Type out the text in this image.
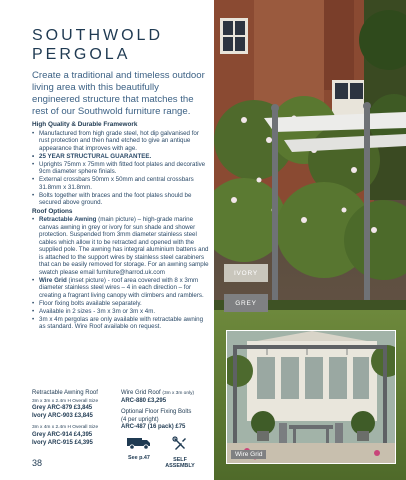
SOUTHWOLD
PERGOLA

Create a traditional and timeless outdoor living area with this beautifully engineered structure that matches the rest of our Southwold furniture range.

High Quality & Durable Framework
• Manufactured from high grade steel, hot dip galvanised for rust protection and then hand etched to give an antique appearance that improves with age.
• 25 YEAR STRUCTURAL GUARANTEE.
• Uprights 75mm x 75mm with fitted foot plates and decorative 9cm diameter sphere finials.
• External crossbars 50mm x 50mm and central crossbars 31.8mm x 31.8mm.
• Bolts together with braces and the foot plates should be secured above ground.
Roof Options
• Retractable Awning (main picture) – high-grade marine canvas awning in grey or ivory for sun shade and shower protection. Suspended from 3mm diameter stainless steel cables which allow it to be retracted and opened with the supplied pole. The awning has integral aluminium battens and is attached to the support wires by stainless steel carabiners that can be easily removed for storage. For an awning sample swatch please email furniture@harrod.uk.com
• Wire Grid (inset picture) - roof area covered with 8 x 3mm diameter stainless steel wires – 4 in each direction – for creating a fragrant living canopy with climbers and ramblers.
• Floor fixing bolts available separately.
• Available in 2 sizes - 3m x 3m or 3m x 4m.
• 3m x 4m pergolas are only available with retractable awning as standard. Wire Roof available on request.
Retractable Awning Roof
3m x 3m x 2.4m H Overall Size
Grey ARC-879 £3,845
Ivory ARC-903 £3,845
3m x 4m x 2.4m H Overall Size
Grey ARC-914 £4,395
Ivory ARC-915 £4,395

Wire Grid Roof (3m x 3m only)
ARC-880 £3,295

Optional Floor Fixing Bolts
(4 per upright)
ARC-487 (16 pack) £75

See p.47	SELF
ASSEMBLY
38
IVORY
GREY
Wire Grid
